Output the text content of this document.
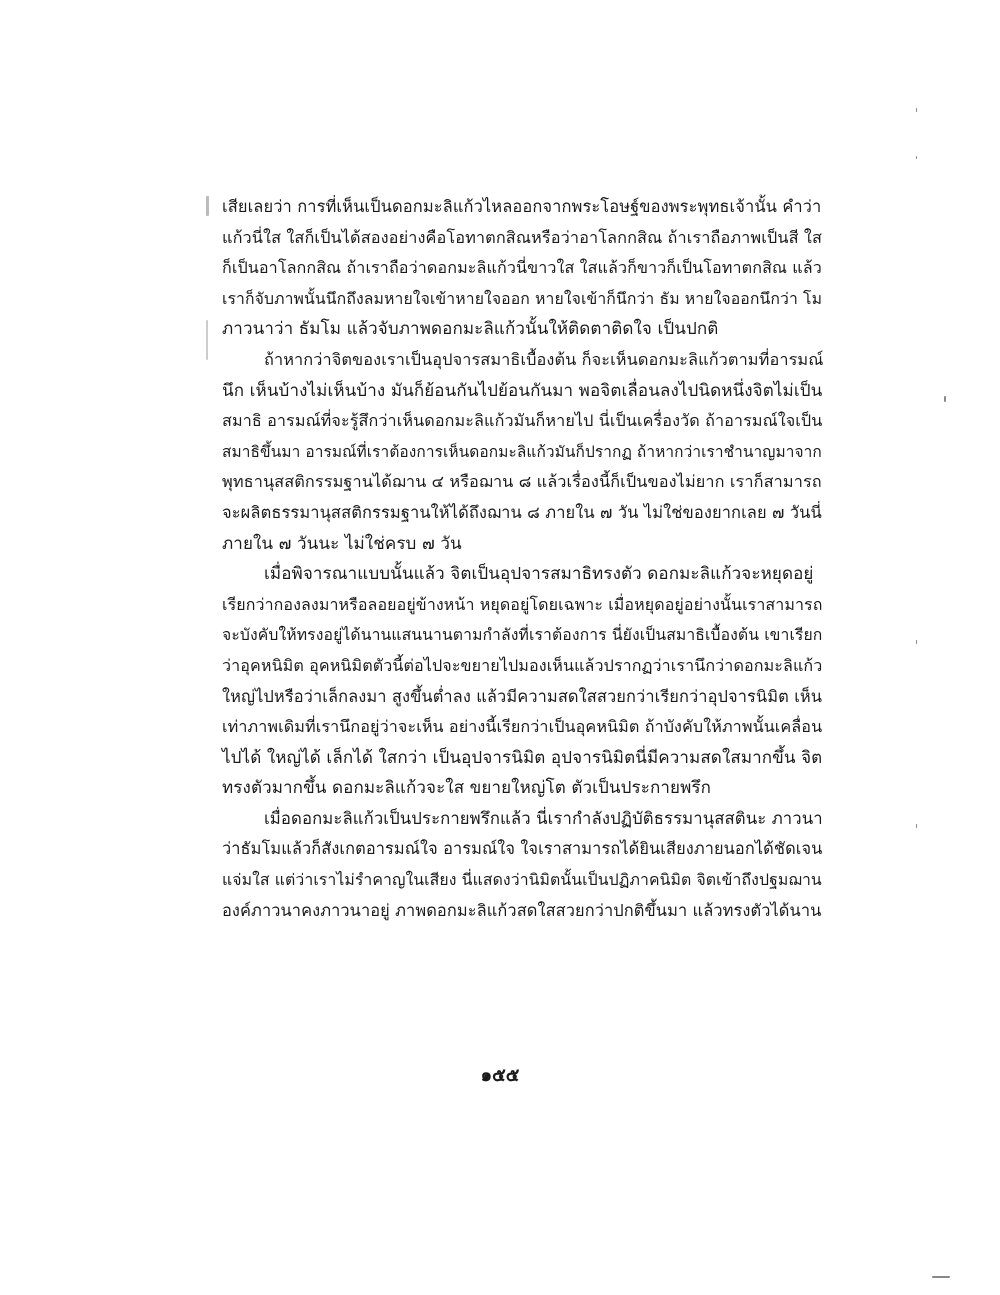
เสียเลยว่า การที่เห็นเป็นดอกมะลิแก้วไหลออกจากพระโอษฐ์ของพระพุทธเจ้านั้น คำว่า
แก้วนี่ใส ใสก็เป็นได้สองอย่างคือโอทาตกสิณหรือว่าอาโลกกสิณ ถ้าเราถือภาพเป็นสี ใส
ก็เป็นอาโลกกสิณ ถ้าเราถือว่าดอกมะลิแก้วนี่ขาวใส ใสแล้วก็ขาวก็เป็นโอทาตกสิณ แล้ว
เราก็จับภาพนั้นนึกถึงลมหายใจเข้าหายใจออก หายใจเข้าก็นึกว่า ธัม หายใจออกนึกว่า โม
ภาวนาว่า ธัมโม แล้วจับภาพดอกมะลิแก้วนั้นให้ติดตาติดใจ เป็นปกติ
ถ้าหากว่าจิตของเราเป็นอุปจารสมาธิเบื้องต้น ก็จะเห็นดอกมะลิแก้วตามที่อารมณ์
นึก เห็นบ้างไม่เห็นบ้าง มันก็ย้อนกันไปย้อนกันมา พอจิตเลื่อนลงไปนิดหนึ่งจิตไม่เป็น
สมาธิ อารมณ์ที่จะรู้สึกว่าเห็นดอกมะลิแก้วมันก็หายไป นี่เป็นเครื่องวัด ถ้าอารมณ์ใจเป็น
สมาธิขึ้นมา อารมณ์ที่เราต้องการเห็นดอกมะลิแก้วมันก็ปรากฏ ถ้าหากว่าเราชำนาญมาจาก
พุทธานุสสติกรรมฐานได้ฌาน ๔ หรือฌาน ๘ แล้วเรื่องนี้ก็เป็นของไม่ยาก เราก็สามารถ
จะผลิตธรรมานุสสติกรรมฐานให้ได้ถึงฌาน ๘ ภายใน ๗ วัน ไม่ใช่ของยากเลย ๗ วันนี่
ภายใน ๗ วันนะ ไม่ใช่ครบ ๗ วัน
เมื่อพิจารณาแบบนั้นแล้ว จิตเป็นอุปจารสมาธิทรงตัว ดอกมะลิแก้วจะหยุดอยู่
เรียกว่ากองลงมาหรือลอยอยู่ข้างหน้า หยุดอยู่โดยเฉพาะ เมื่อหยุดอยู่อย่างนั้นเราสามารถ
จะบังคับให้ทรงอยู่ได้นานแสนนานตามกำลังที่เราต้องการ นี่ยังเป็นสมาธิเบื้องต้น เขาเรียก
ว่าอุคหนิมิต อุคหนิมิตตัวนี้ต่อไปจะขยายไปมองเห็นแล้วปรากฏว่าเรานึกว่าดอกมะลิแก้ว
ใหญ่ไปหรือว่าเล็กลงมา สูงขึ้นต่ำลง แล้วมีความสดใสสวยกว่าเรียกว่าอุปจารนิมิต เห็น
เท่าภาพเดิมที่เรานึกอยู่ว่าจะเห็น อย่างนี้เรียกว่าเป็นอุคหนิมิต ถ้าบังคับให้ภาพนั้นเคลื่อน
ไปได้ ใหญ่ได้ เล็กได้ ใสกว่า เป็นอุปจารนิมิต อุปจารนิมิตนี่มีความสดใสมากขึ้น จิต
ทรงตัวมากขึ้น ดอกมะลิแก้วจะใส ขยายใหญ่โต ตัวเป็นประกายพรึก
เมื่อดอกมะลิแก้วเป็นประกายพรึกแล้ว นี่เรากำลังปฏิบัติธรรมานุสสตินะ ภาวนา
ว่าธัมโมแล้วก็สังเกตอารมณ์ใจ อารมณ์ใจ ใจเราสามารถได้ยินเสียงภายนอกได้ชัดเจน
แจ่มใส แต่ว่าเราไม่รำคาญในเสียง นี่แสดงว่านิมิตนั้นเป็นปฏิภาคนิมิต จิตเข้าถึงปฐมฌาน
องค์ภาวนาคงภาวนาอยู่ ภาพดอกมะลิแก้วสดใสสวยกว่าปกติขึ้นมา แล้วทรงตัวได้นาน
๑๕๕
